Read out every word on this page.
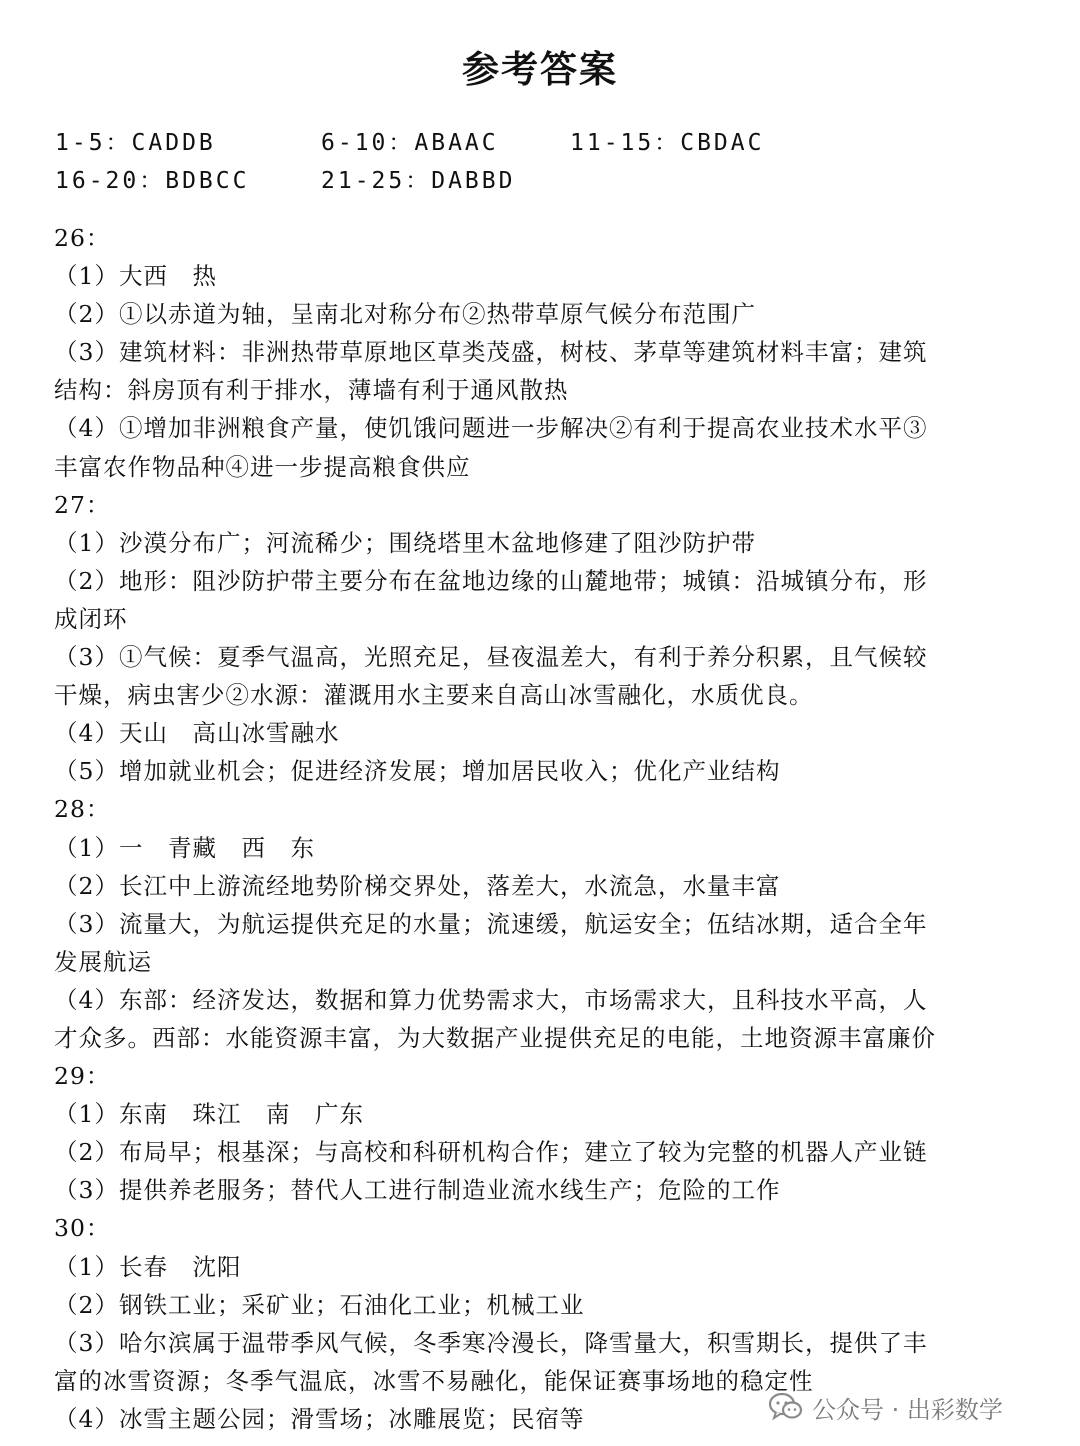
参考答案
1-5：CADDB	6-10：ABAAC	11-15：CBDAC
16-20：BDBCC	21-25：DABBD
26：
（1）大西　热
（2）①以赤道为轴，呈南北对称分布②热带草原气候分布范围广
（3）建筑材料：非洲热带草原地区草类茂盛，树枝、茅草等建筑材料丰富；建筑
结构：斜房顶有利于排水，薄墙有利于通风散热
（4）①增加非洲粮食产量，使饥饿问题进一步解决②有利于提高农业技术水平③
丰富农作物品种④进一步提高粮食供应
27：
（1）沙漠分布广；河流稀少；围绕塔里木盆地修建了阻沙防护带
（2）地形：阻沙防护带主要分布在盆地边缘的山麓地带；城镇：沿城镇分布，形
成闭环
（3）①气候：夏季气温高，光照充足，昼夜温差大，有利于养分积累，且气候较
干燥，病虫害少②水源：灌溉用水主要来自高山冰雪融化，水质优良。
（4）天山　高山冰雪融水
（5）增加就业机会；促进经济发展；增加居民收入；优化产业结构
28：
（1）一　青藏　西　东
（2）长江中上游流经地势阶梯交界处，落差大，水流急，水量丰富
（3）流量大，为航运提供充足的水量；流速缓，航运安全；伍结冰期，适合全年
发展航运
（4）东部：经济发达，数据和算力优势需求大，市场需求大，且科技水平高，人
才众多。西部：水能资源丰富，为大数据产业提供充足的电能，土地资源丰富廉价
29：
（1）东南　珠江　南　广东
（2）布局早；根基深；与高校和科研机构合作；建立了较为完整的机器人产业链
（3）提供养老服务；替代人工进行制造业流水线生产；危险的工作
30：
（1）长春　沈阳
（2）钢铁工业；采矿业；石油化工业；机械工业
（3）哈尔滨属于温带季风气候，冬季寒冷漫长，降雪量大，积雪期长，提供了丰
富的冰雪资源；冬季气温底，冰雪不易融化，能保证赛事场地的稳定性
（4）冰雪主题公园；滑雪场；冰雕展览；民宿等	公众号 · 出彩数学
